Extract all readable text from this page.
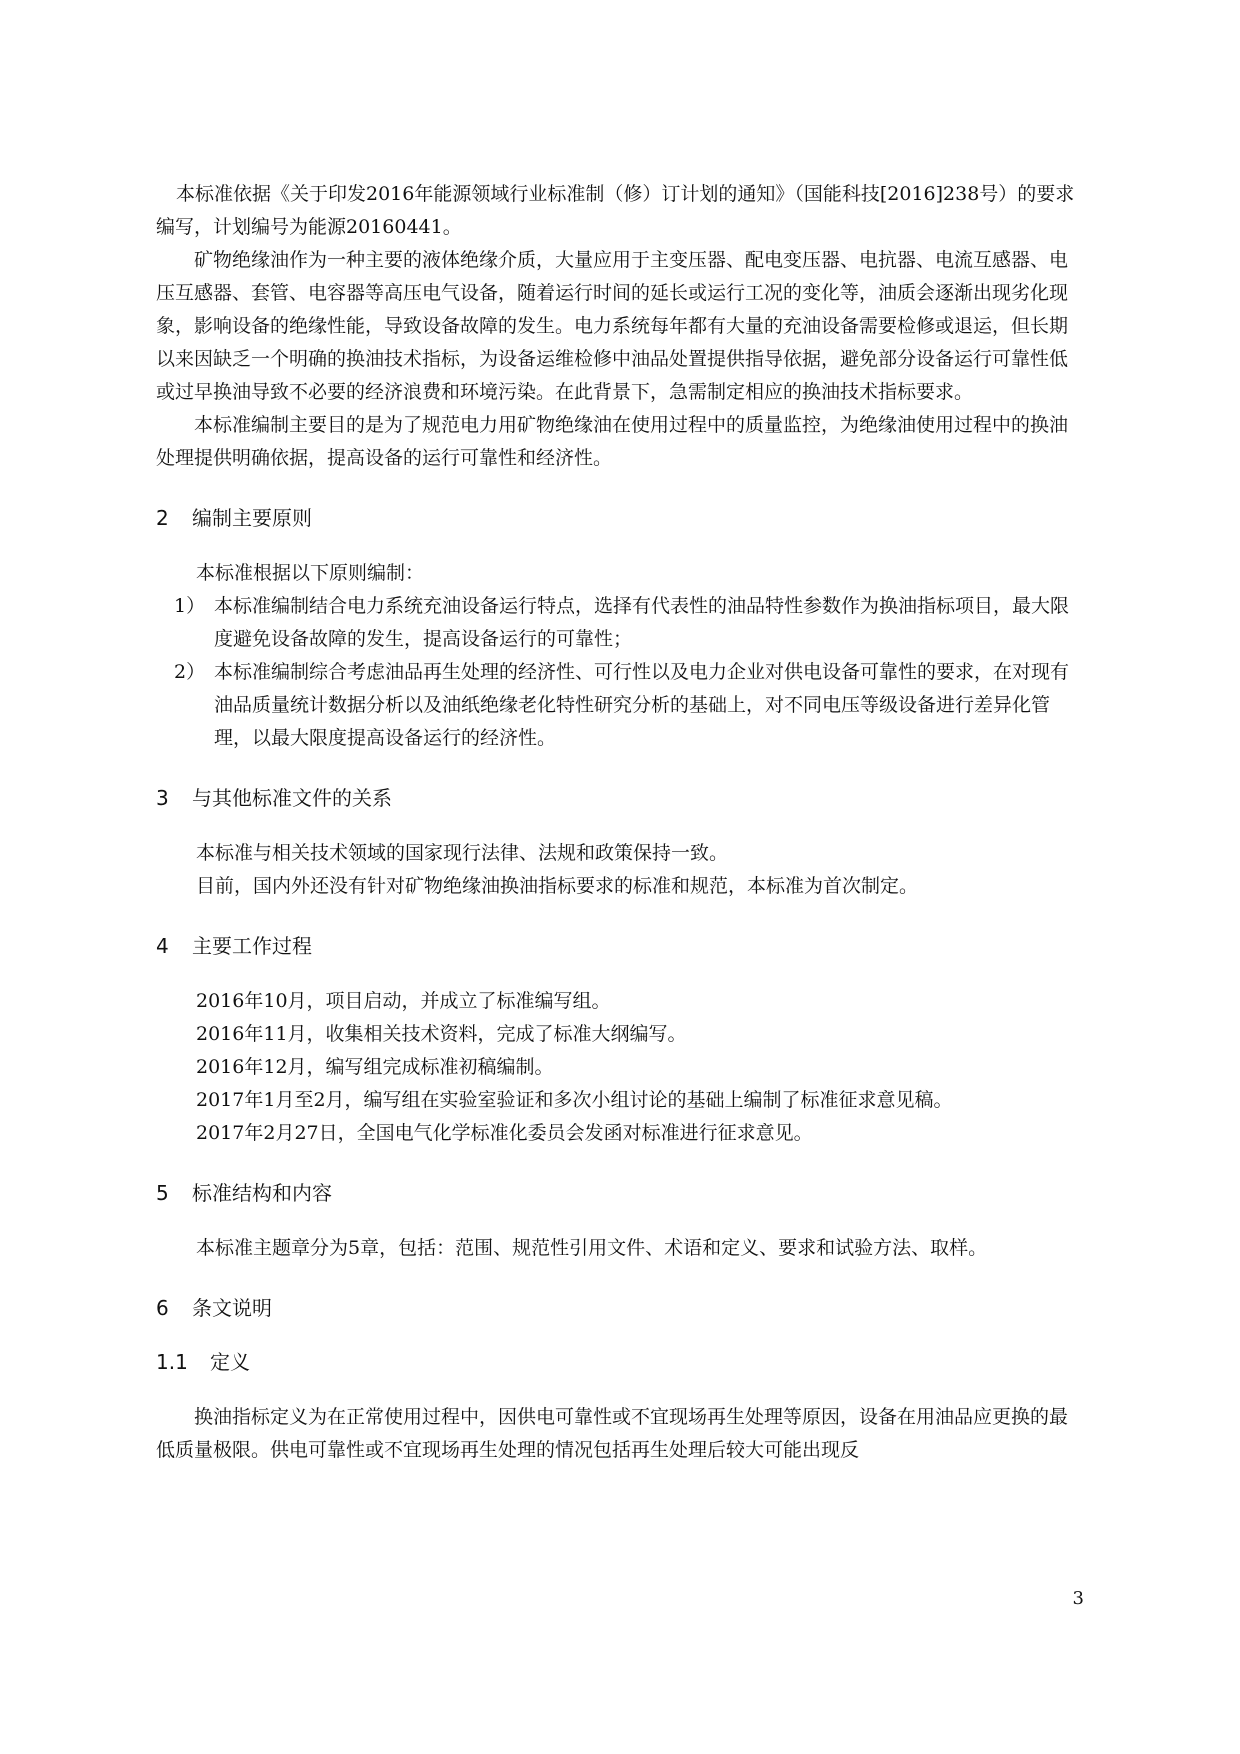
本标准依据《关于印发2016年能源领域行业标准制（修）订计划的通知》（国能科技[2016]238号）的要求编写，计划编号为能源20160441。

矿物绝缘油作为一种主要的液体绝缘介质，大量应用于主变压器、配电变压器、电抗器、电流互感器、电压互感器、套管、电容器等高压电气设备，随着运行时间的延长或运行工况的变化等，油质会逐渐出现劣化现象，影响设备的绝缘性能，导致设备故障的发生。电力系统每年都有大量的充油设备需要检修或退运，但长期以来因缺乏一个明确的换油技术指标，为设备运维检修中油品处置提供指导依据，避免部分设备运行可靠性低或过早换油导致不必要的经济浪费和环境污染。在此背景下，急需制定相应的换油技术指标要求。

本标准编制主要目的是为了规范电力用矿物绝缘油在使用过程中的质量监控，为绝缘油使用过程中的换油处理提供明确依据，提高设备的运行可靠性和经济性。

2	编制主要原则

本标准根据以下原则编制：

1） 本标准编制结合电力系统充油设备运行特点，选择有代表性的油品特性参数作为换油指标项目，最大限度避免设备故障的发生，提高设备运行的可靠性；
2） 本标准编制综合考虑油品再生处理的经济性、可行性以及电力企业对供电设备可靠性的要求，在对现有油品质量统计数据分析以及油纸绝缘老化特性研究分析的基础上，对不同电压等级设备进行差异化管理，以最大限度提高设备运行的经济性。
3	与其他标准文件的关系

本标准与相关技术领域的国家现行法律、法规和政策保持一致。

目前，国内外还没有针对矿物绝缘油换油指标要求的标准和规范，本标准为首次制定。

4	主要工作过程

2016年10月，项目启动，并成立了标准编写组。

2016年11月，收集相关技术资料，完成了标准大纲编写。

2016年12月，编写组完成标准初稿编制。

2017年1月至2月，编写组在实验室验证和多次小组讨论的基础上编制了标准征求意见稿。

2017年2月27日，全国电气化学标准化委员会发函对标准进行征求意见。

5	标准结构和内容

本标准主题章分为5章，包括：范围、规范性引用文件、术语和定义、要求和试验方法、取样。

6	条文说明
1.1	定义

换油指标定义为在正常使用过程中，因供电可靠性或不宜现场再生处理等原因，设备在用油品应更换的最低质量极限。供电可靠性或不宜现场再生处理的情况包括再生处理后较大可能出现反

3
